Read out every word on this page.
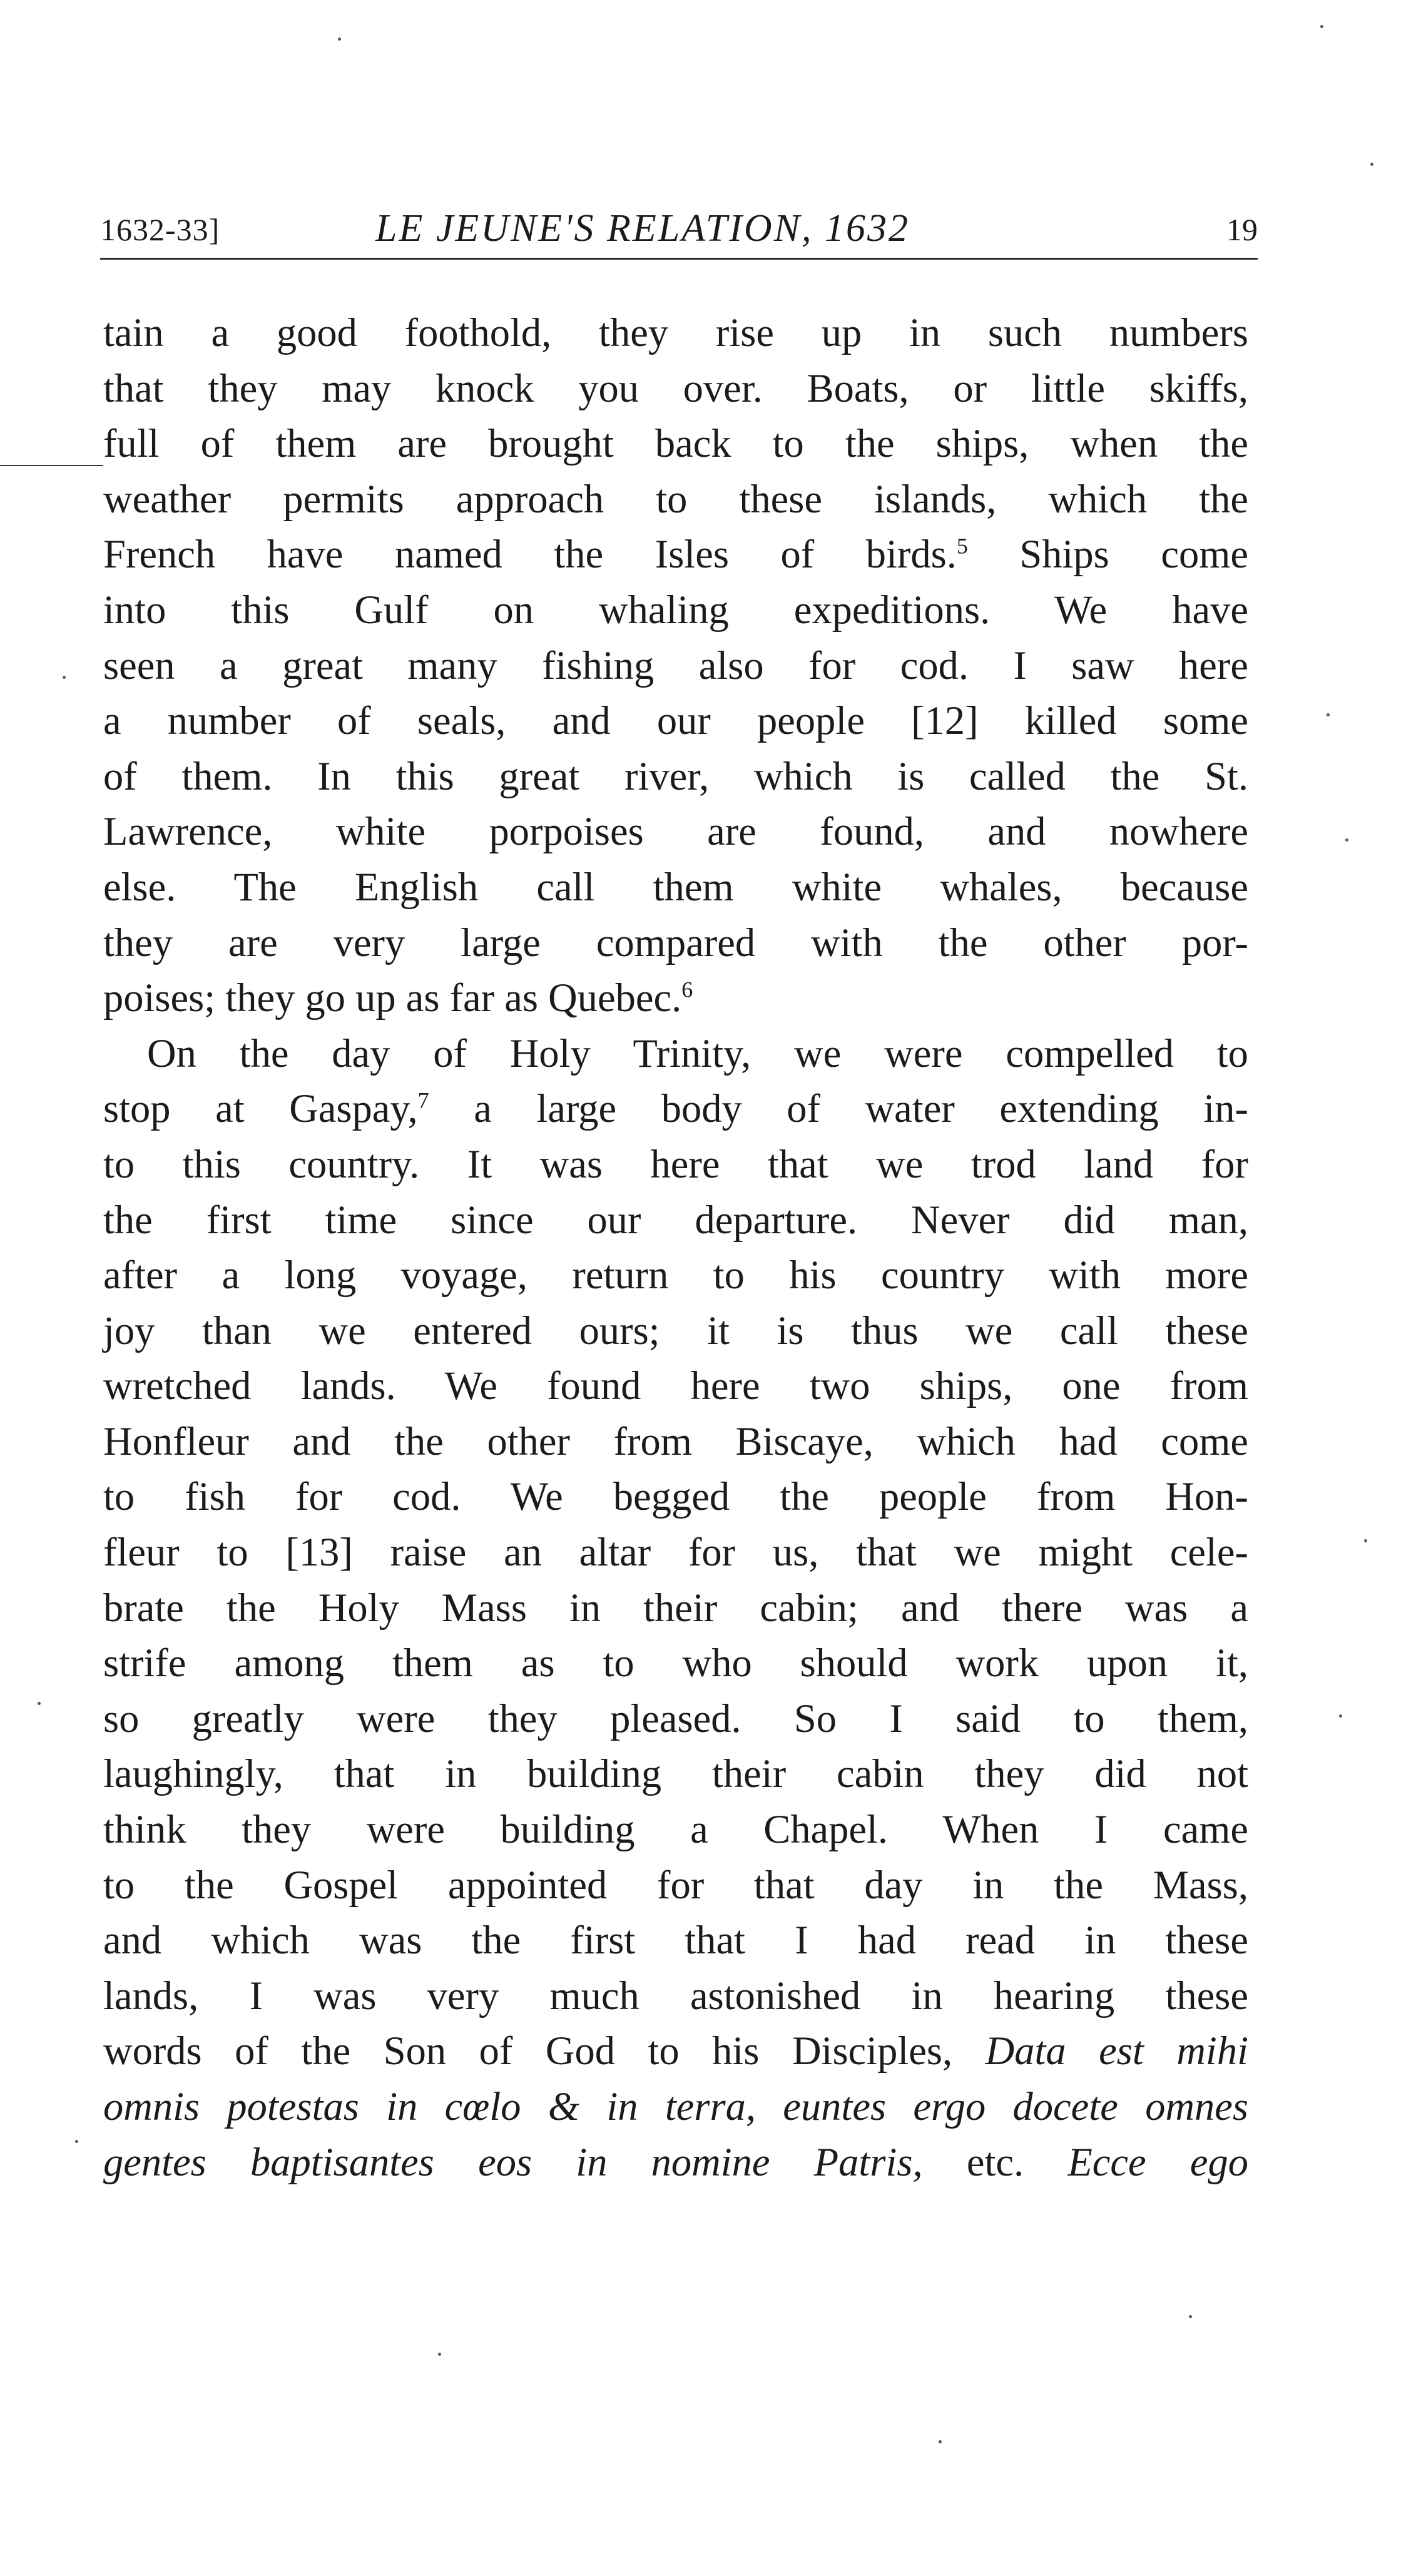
1632-33]	LE JEUNE'S RELATION, 1632	19
tain a good foothold, they rise up in such numbers
that they may knock you over. Boats, or little skiffs,
full of them are brought back to the ships, when the
weather permits approach to these islands, which the
French have named the Isles of birds.$^5$ Ships come
into this Gulf on whaling expeditions. We have
seen a great many fishing also for cod. I saw here
a number of seals, and our people [12] killed some
of them. In this great river, which is called the St.
Lawrence, white porpoises are found, and nowhere
else. The English call them white whales, because
they are very large compared with the other por-
poises; they go up as far as Quebec.$^6$
On the day of Holy Trinity, we were compelled to
stop at Gaspay,$^7$ a large body of water extending in-
to this country. It was here that we trod land for
the first time since our departure. Never did man,
after a long voyage, return to his country with more
joy than we entered ours; it is thus we call these
wretched lands. We found here two ships, one from
Honfleur and the other from Biscaye, which had come
to fish for cod. We begged the people from Hon-
fleur to [13] raise an altar for us, that we might cele-
brate the Holy Mass in their cabin; and there was a
strife among them as to who should work upon it,
so greatly were they pleased. So I said to them,
laughingly, that in building their cabin they did not
think they were building a Chapel. When I came
to the Gospel appointed for that day in the Mass,
and which was the first that I had read in these
lands, I was very much astonished in hearing these
words of the Son of God to his Disciples, Data est mihi
omnis potestas in cœlo & in terra, euntes ergo docete omnes
gentes baptisantes eos in nomine Patris, etc. Ecce ego
